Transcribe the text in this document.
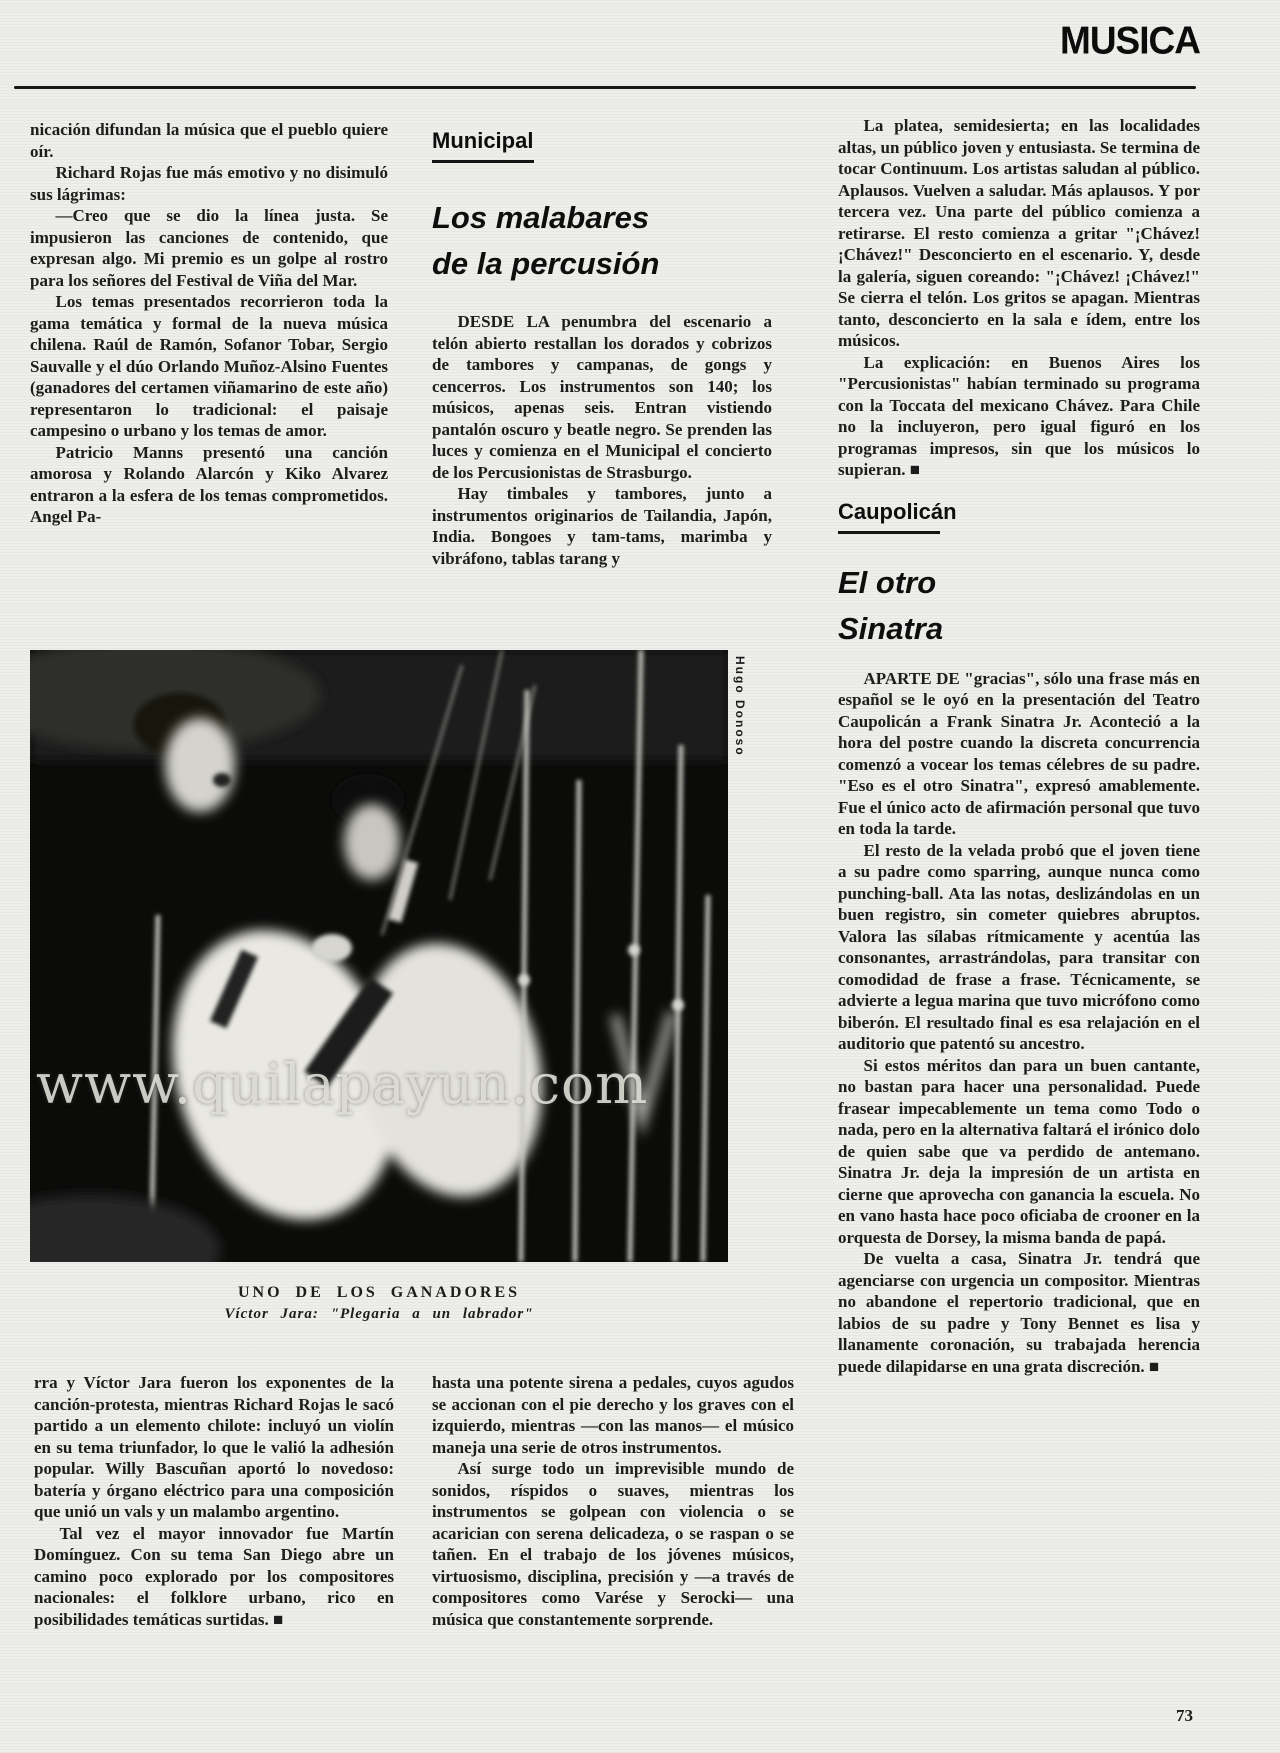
MUSICA

nicación difundan la música que el pueblo quiere oír.

Richard Rojas fue más emotivo y no disimuló sus lágrimas:

—Creo que se dio la línea justa. Se impusieron las canciones de contenido, que expresan algo. Mi premio es un golpe al rostro para los señores del Festival de Viña del Mar.

Los temas presentados recorrieron toda la gama temática y formal de la nueva música chilena. Raúl de Ramón, Sofanor Tobar, Sergio Sauvalle y el dúo Orlando Muñoz-Alsino Fuentes (ganadores del certamen viñamarino de este año) representaron lo tradicional: el paisaje campesino o urbano y los temas de amor.

Patricio Manns presentó una canción amorosa y Rolando Alarcón y Kiko Alvarez entraron a la esfera de los temas comprometidos. Angel Pa-

Municipal
Los malabares
de la percusión

DESDE LA penumbra del escenario a telón abierto restallan los dorados y cobrizos de tambores y campanas, de gongs y cencerros. Los instrumentos son 140; los músicos, apenas seis. Entran vistiendo pantalón oscuro y beatle negro. Se prenden las luces y comienza en el Municipal el concierto de los Percusionistas de Strasburgo.

Hay timbales y tambores, junto a instrumentos originarios de Tailandia, Japón, India. Bongoes y tam-tams, marimba y vibráfono, tablas tarang y

La platea, semidesierta; en las localidades altas, un público joven y entusiasta. Se termina de tocar Continuum. Los artistas saludan al público. Aplausos. Vuelven a saludar. Más aplausos. Y por tercera vez. Una parte del público comienza a retirarse. El resto comienza a gritar "¡Chávez! ¡Chávez!" Desconcierto en el escenario. Y, desde la galería, siguen coreando: "¡Chávez! ¡Chávez!" Se cierra el telón. Los gritos se apagan. Mientras tanto, desconcierto en la sala e ídem, entre los músicos.

La explicación: en Buenos Aires los "Percusionistas" habían terminado su programa con la Toccata del mexicano Chávez. Para Chile no la incluyeron, pero igual figuró en los programas impresos, sin que los músicos lo supieran. ■

Caupolicán
El otro
Sinatra

APARTE DE "gracias", sólo una frase más en español se le oyó en la presentación del Teatro Caupolicán a Frank Sinatra Jr. Aconteció a la hora del postre cuando la discreta concurrencia comenzó a vocear los temas célebres de su padre. "Eso es el otro Sinatra", expresó amablemente. Fue el único acto de afirmación personal que tuvo en toda la tarde.

El resto de la velada probó que el joven tiene a su padre como sparring, aunque nunca como punching-ball. Ata las notas, deslizándolas en un buen registro, sin cometer quiebres abruptos. Valora las sílabas rítmicamente y acentúa las consonantes, arrastrándolas, para transitar con comodidad de frase a frase. Técnicamente, se advierte a legua marina que tuvo micrófono como biberón. El resultado final es esa relajación en el auditorio que patentó su ancestro.

Si estos méritos dan para un buen cantante, no bastan para hacer una personalidad. Puede frasear impecablemente un tema como Todo o nada, pero en la alternativa faltará el irónico dolo de quien sabe que va perdido de antemano. Sinatra Jr. deja la impresión de un artista en cierne que aprovecha con ganancia la escuela. No en vano hasta hace poco oficiaba de crooner en la orquesta de Dorsey, la misma banda de papá.

De vuelta a casa, Sinatra Jr. tendrá que agenciarse con urgencia un compositor. Mientras no abandone el repertorio tradicional, que en labios de su padre y Tony Bennet es lisa y llanamente coronación, su trabajada herencia puede dilapidarse en una grata discreción. ■

www.quilapayun.com
Hugo Donoso
UNO DE LOS GANADORES
Víctor Jara: "Plegaria a un labrador"

rra y Víctor Jara fueron los exponentes de la canción-protesta, mientras Richard Rojas le sacó partido a un elemento chilote: incluyó un violín en su tema triunfador, lo que le valió la adhesión popular. Willy Bascuñan aportó lo novedoso: batería y órgano eléctrico para una composición que unió un vals y un malambo argentino.

Tal vez el mayor innovador fue Martín Domínguez. Con su tema San Diego abre un camino poco explorado por los compositores nacionales: el folklore urbano, rico en posibilidades temáticas surtidas. ■

hasta una potente sirena a pedales, cuyos agudos se accionan con el pie derecho y los graves con el izquierdo, mientras —con las manos— el músico maneja una serie de otros instrumentos.

Así surge todo un imprevisible mundo de sonidos, ríspidos o suaves, mientras los instrumentos se golpean con violencia o se acarician con serena delicadeza, o se raspan o se tañen. En el trabajo de los jóvenes músicos, virtuosismo, disciplina, precisión y —a través de compositores como Varése y Serocki— una música que constantemente sorprende.

73
